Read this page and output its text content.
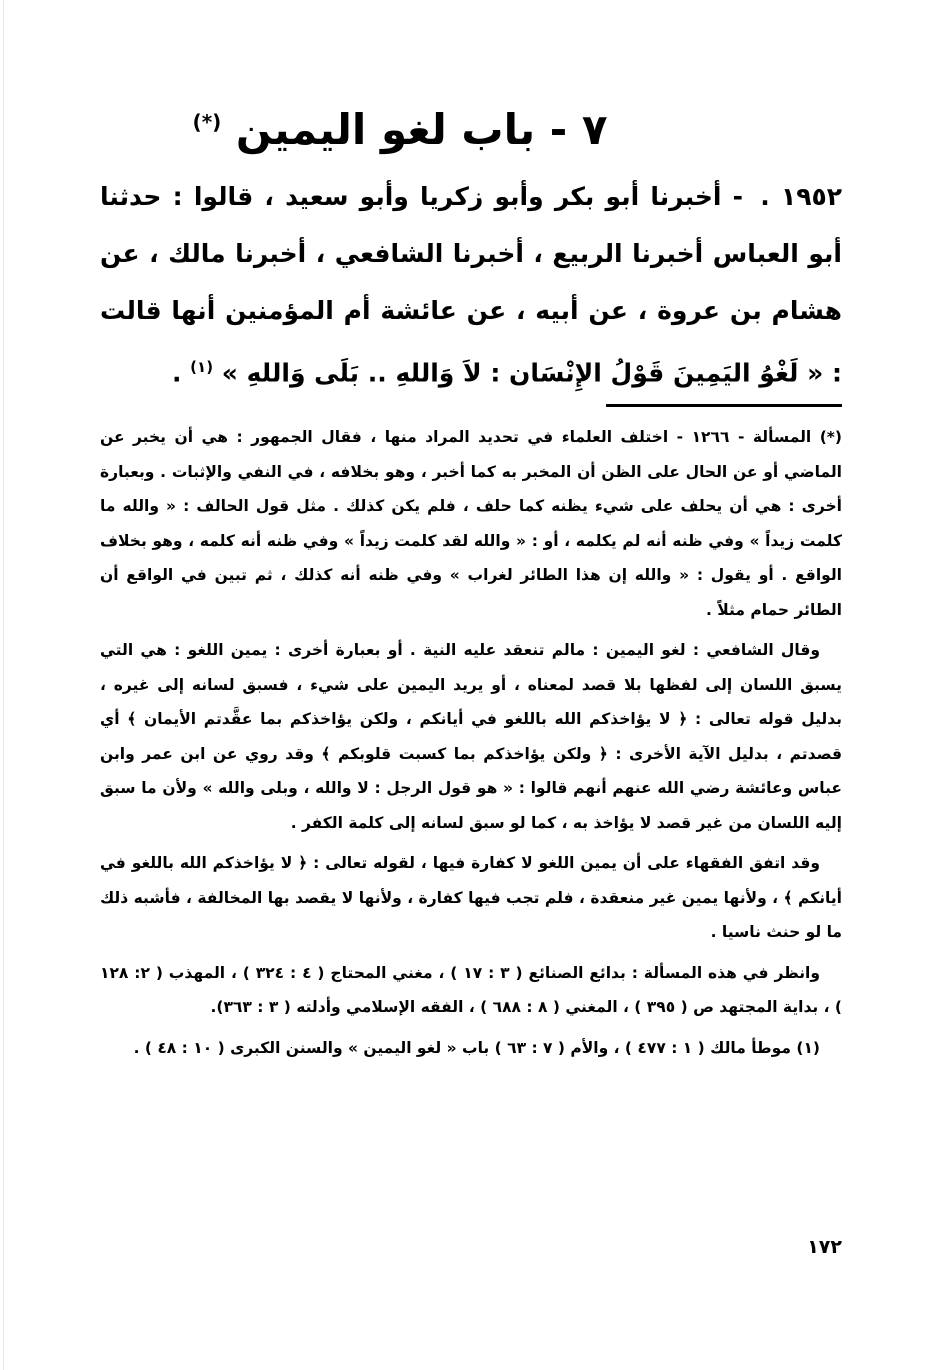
٧ - باب لغو اليمين (*)
١٩٥٢ . - أخبرنا أبو بكر وأبو زكريا وأبو سعيد ، قالوا : حدثنا أبو العباس أخبرنا الربيع ، أخبرنا الشافعي ، أخبرنا مالك ، عن هشام بن عروة ، عن أبيه ، عن عائشة أم المؤمنين أنها قالت : « لَغْوُ اليَمِينَ قَوْلُ الإِنْسَان : لاَ وَاللهِ .. بَلَى وَاللهِ » $^{(١)}$ .

(*) المسألة - ١٢٦٦ - اختلف العلماء في تحديد المراد منها ، فقال الجمهور : هي أن يخبر عن الماضي أو عن الحال على الظن أن المخبر به كما أخبر ، وهو بخلافه ، في النفي والإثبات . وبعبارة أخرى : هي أن يحلف على شيء يظنه كما حلف ، فلم يكن كذلك . مثل قول الحالف : « والله ما كلمت زيداً » وفي ظنه أنه لم يكلمه ، أو : « والله لقد كلمت زيداً » وفي ظنه أنه كلمه ، وهو بخلاف الواقع . أو يقول : « والله إن هذا الطائر لغراب » وفي ظنه أنه كذلك ، ثم تبين في الواقع أن الطائر حمام مثلاً .

وقال الشافعي : لغو اليمين : مالم تنعقد عليه النية . أو بعبارة أخرى : يمين اللغو : هي التي يسبق اللسان إلى لفظها بلا قصد لمعناه ، أو يريد اليمين على شيء ، فسبق لسانه إلى غيره ، بدليل قوله تعالى : ﴿ لا يؤاخذكم الله باللغو في أيانكم ، ولكن يؤاخذكم بما عقَّدتم الأيمان ﴾ أي قصدتم ، بدليل الآية الأخرى : ﴿ ولكن يؤاخذكم بما كسبت قلوبكم ﴾ وقد روي عن ابن عمر وابن عباس وعائشة رضي الله عنهم أنهم قالوا : « هو قول الرجل : لا والله ، وبلى والله » ولأن ما سبق إليه اللسان من غير قصد لا يؤاخذ به ، كما لو سبق لسانه إلى كلمة الكفر .

وقد اتفق الفقهاء على أن يمين اللغو لا كفارة فيها ، لقوله تعالى : ﴿ لا يؤاخذكم الله باللغو في أيانكم ﴾ ، ولأنها يمين غير منعقدة ، فلم تجب فيها كفارة ، ولأنها لا يقصد بها المخالفة ، فأشبه ذلك ما لو حنث ناسيا .

وانظر في هذه المسألة : بدائع الصنائع ( ٣ : ١٧ ) ، مغني المحتاج ( ٤ : ٣٢٤ ) ، المهذب ( ٢: ١٢٨ ) ، بداية المجتهد ص ( ٣٩٥ ) ، المغني ( ٨ : ٦٨٨ ) ، الفقه الإسلامي وأدلته ( ٣ : ٣٦٣).

(١) موطأ مالك ( ١ : ٤٧٧ ) ، والأم ( ٧ : ٦٣ ) باب « لغو اليمين » والسنن الكبرى ( ١٠ : ٤٨ ) .

١٧٢
